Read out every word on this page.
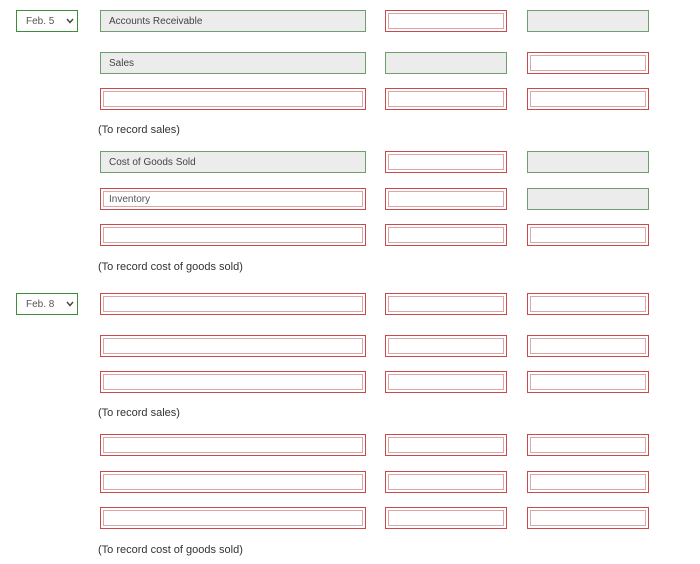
Feb. 5	Accounts Receivable
Sales
(To record sales)
Cost of Goods Sold
Inventory
(To record cost of goods sold)
Feb. 8
(To record sales)
(To record cost of goods sold)
